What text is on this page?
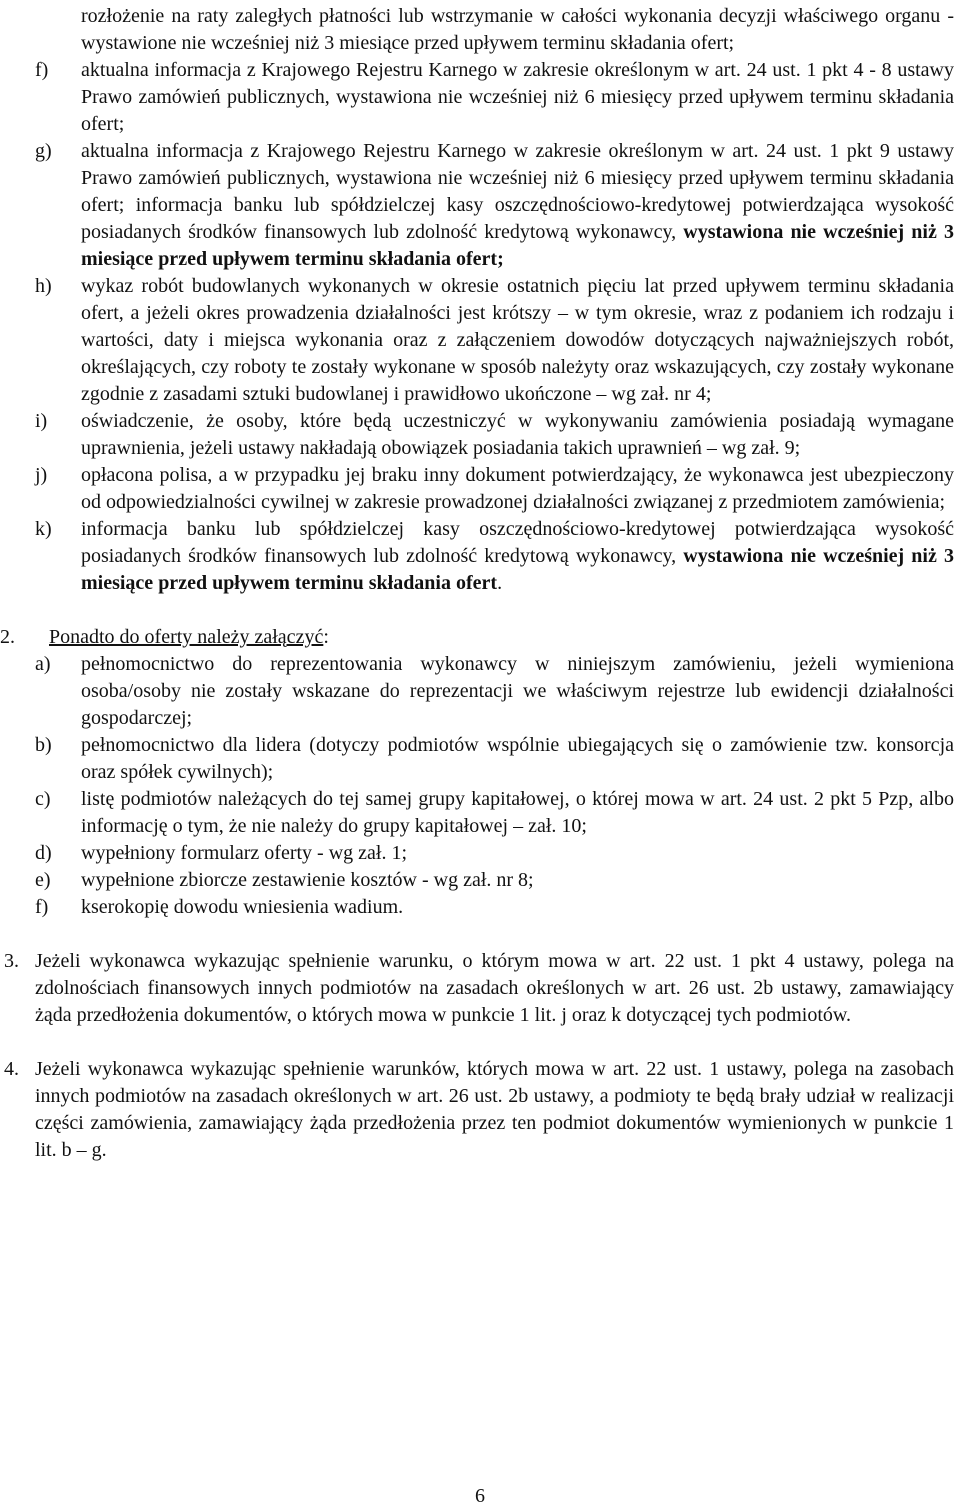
rozłożenie na raty zaległych płatności lub wstrzymanie w całości wykonania decyzji właściwego organu - wystawione nie wcześniej niż 3 miesiące przed upływem terminu składania ofert;

f)	aktualna informacja z Krajowego Rejestru Karnego w zakresie określonym w art. 24 ust. 1 pkt 4 - 8 ustawy Prawo zamówień publicznych, wystawiona nie wcześniej niż 6 miesięcy przed upływem terminu składania ofert;
g)	aktualna informacja z Krajowego Rejestru Karnego w zakresie określonym w art. 24 ust. 1 pkt 9 ustawy Prawo zamówień publicznych, wystawiona nie wcześniej niż 6 miesięcy przed upływem terminu składania ofert; informacja banku lub spółdzielczej kasy oszczędnościowo-kredytowej potwierdzająca wysokość posiadanych środków finansowych lub zdolność kredytową wykonawcy, wystawiona nie wcześniej niż 3 miesiące przed upływem terminu składania ofert;
h)	wykaz robót budowlanych wykonanych w okresie ostatnich pięciu lat przed upływem terminu składania ofert, a jeżeli okres prowadzenia działalności jest krótszy – w tym okresie, wraz z podaniem ich rodzaju i wartości, daty i miejsca wykonania oraz z załączeniem dowodów dotyczących najważniejszych robót, określających, czy roboty te zostały wykonane w sposób należyty oraz wskazujących, czy zostały wykonane zgodnie z zasadami sztuki budowlanej i prawidłowo ukończone – wg zał. nr 4;
i)	oświadczenie, że osoby, które będą uczestniczyć w wykonywaniu zamówienia posiadają wymagane uprawnienia, jeżeli ustawy nakładają obowiązek posiadania takich uprawnień – wg zał. 9;
j)	opłacona polisa, a w przypadku jej braku inny dokument potwierdzający, że wykonawca jest ubezpieczony od odpowiedzialności cywilnej w zakresie prowadzonej działalności związanej z przedmiotem zamówienia;
k)	informacja banku lub spółdzielczej kasy oszczędnościowo-kredytowej potwierdzająca wysokość posiadanych środków finansowych lub zdolność kredytową wykonawcy, wystawiona nie wcześniej niż 3 miesiące przed upływem terminu składania ofert.
2.	Ponadto do oferty należy załączyć:
a)	pełnomocnictwo do reprezentowania wykonawcy w niniejszym zamówieniu, jeżeli wymieniona osoba/osoby nie zostały wskazane do reprezentacji we właściwym rejestrze lub ewidencji działalności gospodarczej;
b)	pełnomocnictwo dla lidera (dotyczy podmiotów wspólnie ubiegających się o zamówienie tzw. konsorcja oraz spółek cywilnych);
c)	listę podmiotów należących do tej samej grupy kapitałowej, o której mowa w art. 24 ust. 2 pkt 5 Pzp, albo informację o tym, że nie należy do grupy kapitałowej – zał. 10;
d)	wypełniony formularz oferty - wg zał. 1;
e)	wypełnione zbiorcze zestawienie kosztów - wg zał. nr 8;
f)	kserokopię dowodu wniesienia wadium.
3. Jeżeli wykonawca wykazując spełnienie warunku, o którym mowa w art. 22 ust. 1 pkt 4 ustawy, polega na zdolnościach finansowych innych podmiotów na zasadach określonych w art. 26 ust. 2b ustawy, zamawiający żąda przedłożenia dokumentów, o których mowa w punkcie 1 lit. j oraz k dotyczącej tych podmiotów.
4. Jeżeli wykonawca wykazując spełnienie warunków, których mowa w art. 22 ust. 1 ustawy, polega na zasobach innych podmiotów na zasadach określonych w art. 26 ust. 2b ustawy, a podmioty te będą brały udział w realizacji części zamówienia, zamawiający żąda przedłożenia przez ten podmiot dokumentów wymienionych w punkcie 1 lit. b – g.
6
